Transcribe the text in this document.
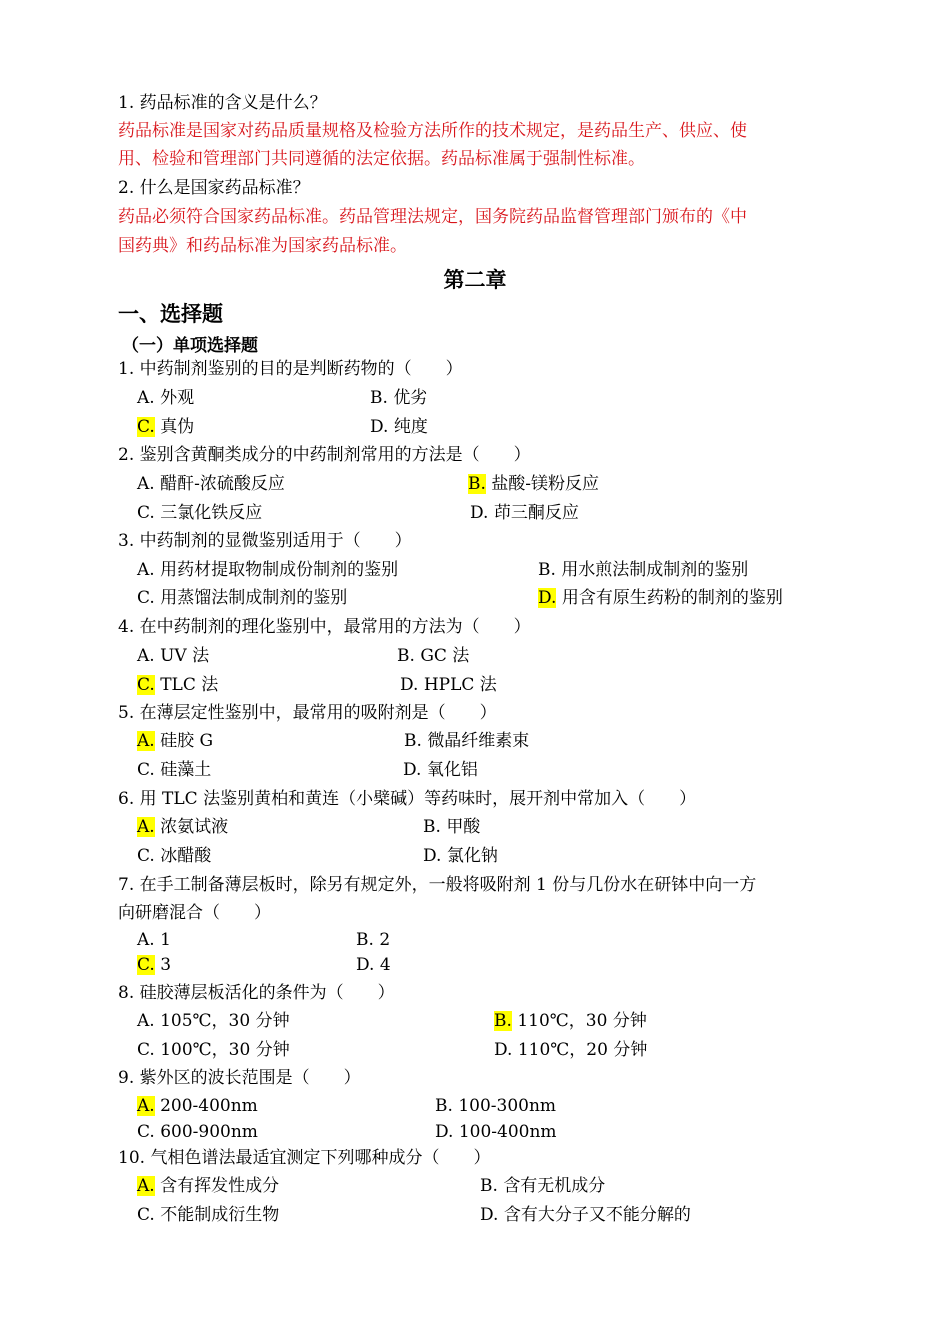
1. 药品标准的含义是什么？
药品标准是国家对药品质量规格及检验方法所作的技术规定，是药品生产、供应、使
用、检验和管理部门共同遵循的法定依据。药品标准属于强制性标准。
2. 什么是国家药品标准？
药品必须符合国家药品标准。药品管理法规定，国务院药品监督管理部门颁布的《中
国药典》和药品标准为国家药品标准。
第二章
一、选择题
（一）单项选择题
1. 中药制剂鉴别的目的是判断药物的（　　）
A. 外观	B. 优劣
C. 真伪	D. 纯度
2. 鉴别含黄酮类成分的中药制剂常用的方法是（　　）
A. 醋酐-浓硫酸反应	B. 盐酸-镁粉反应
C. 三氯化铁反应	D. 茚三酮反应
3. 中药制剂的显微鉴别适用于（　　）
A. 用药材提取物制成份制剂的鉴别	B. 用水煎法制成制剂的鉴别
C. 用蒸馏法制成制剂的鉴别	D. 用含有原生药粉的制剂的鉴别
4. 在中药制剂的理化鉴别中，最常用的方法为（　　）
A. UV 法	B. GC 法
C. TLC 法	D. HPLC 法
5. 在薄层定性鉴别中，最常用的吸附剂是（　　）
A. 硅胶 G	B. 微晶纤维素束
C. 硅藻土	D. 氧化铝
6. 用 TLC 法鉴别黄柏和黄连（小檗碱）等药味时，展开剂中常加入（　　）
A. 浓氨试液	B. 甲酸
C. 冰醋酸	D. 氯化钠
7. 在手工制备薄层板时，除另有规定外，一般将吸附剂 1 份与几份水在研钵中向一方
向研磨混合（　　）
A. 1	B. 2
C. 3	D. 4
8. 硅胶薄层板活化的条件为（　　）
A. 105℃，30 分钟	B. 110℃，30 分钟
C. 100℃，30 分钟	D. 110℃，20 分钟
9. 紫外区的波长范围是（　　）
A. 200-400nm	B. 100-300nm
C. 600-900nm	D. 100-400nm
10. 气相色谱法最适宜测定下列哪种成分（　　）
A. 含有挥发性成分	B. 含有无机成分
C. 不能制成衍生物	D. 含有大分子又不能分解的
